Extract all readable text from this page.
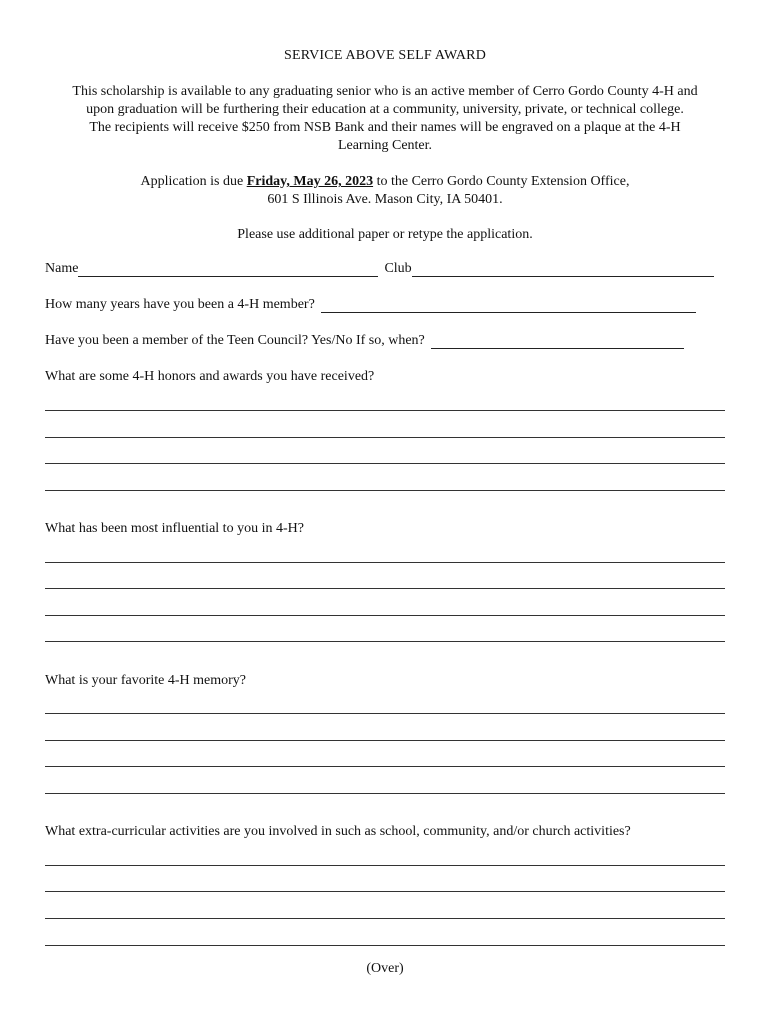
SERVICE ABOVE SELF AWARD
This scholarship is available to any graduating senior who is an active member of Cerro Gordo County 4-H and
upon graduation will be furthering their education at a community, university, private, or technical college.
The recipients will receive $250 from NSB Bank and their names will be engraved on a plaque at the 4-H
Learning Center.
Application is due Friday, May 26, 2023 to the Cerro Gordo County Extension Office,
601 S Illinois Ave. Mason City, IA 50401.
Please use additional paper or retype the application.
Name	Club
How many years have you been a 4-H member?
Have you been a member of the Teen Council? Yes/No If so, when?
What are some 4-H honors and awards you have received?
What has been most influential to you in 4-H?
What is your favorite 4-H memory?
What extra-curricular activities are you involved in such as school, community, and/or church activities?
(Over)
